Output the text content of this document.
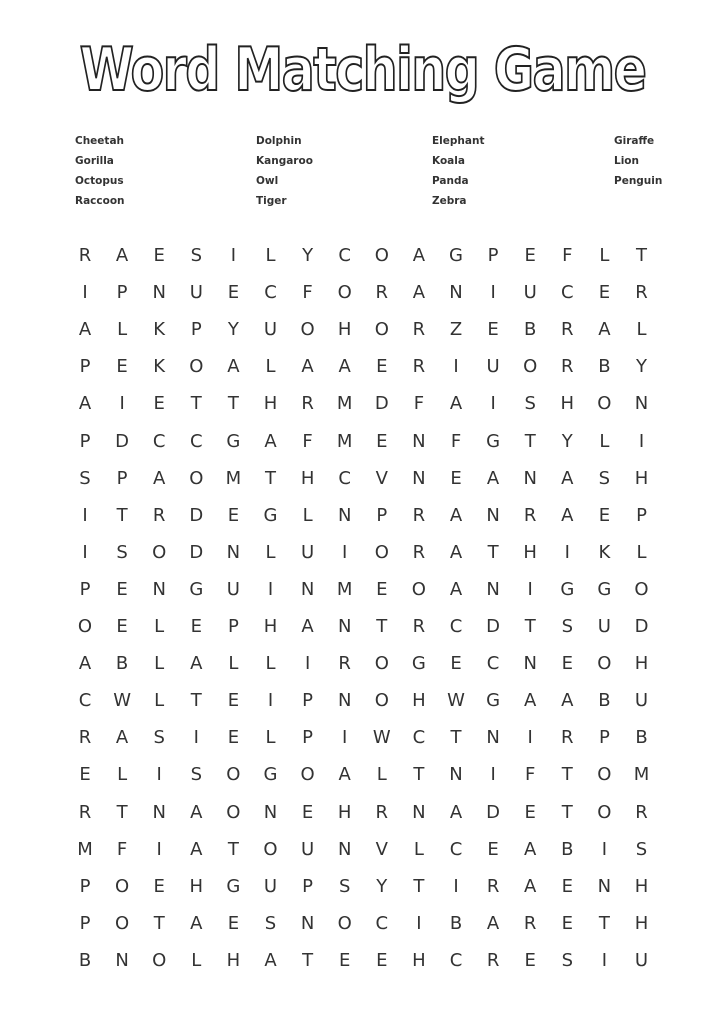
Word Matching Game
Cheetah	Dolphin	Elephant	Giraffe
Gorilla	Kangaroo	Koala	Lion
Octopus	Owl	Panda	Penguin
Raccoon	Tiger	Zebra
R	A	E	S	I	L	Y	C	O	A	G	P	E	F	L	T
I	P	N	U	E	C	F	O	R	A	N	I	U	C	E	R
A	L	K	P	Y	U	O	H	O	R	Z	E	B	R	A	L
P	E	K	O	A	L	A	A	E	R	I	U	O	R	B	Y
A	I	E	T	T	H	R	M	D	F	A	I	S	H	O	N
P	D	C	C	G	A	F	M	E	N	F	G	T	Y	L	I
S	P	A	O	M	T	H	C	V	N	E	A	N	A	S	H
I	T	R	D	E	G	L	N	P	R	A	N	R	A	E	P
I	S	O	D	N	L	U	I	O	R	A	T	H	I	K	L
P	E	N	G	U	I	N	M	E	O	A	N	I	G	G	O
O	E	L	E	P	H	A	N	T	R	C	D	T	S	U	D
A	B	L	A	L	L	I	R	O	G	E	C	N	E	O	H
C	W	L	T	E	I	P	N	O	H	W	G	A	A	B	U
R	A	S	I	E	L	P	I	W	C	T	N	I	R	P	B
E	L	I	S	O	G	O	A	L	T	N	I	F	T	O	M
R	T	N	A	O	N	E	H	R	N	A	D	E	T	O	R
M	F	I	A	T	O	U	N	V	L	C	E	A	B	I	S
P	O	E	H	G	U	P	S	Y	T	I	R	A	E	N	H
P	O	T	A	E	S	N	O	C	I	B	A	R	E	T	H
B	N	O	L	H	A	T	E	E	H	C	R	E	S	I	U
